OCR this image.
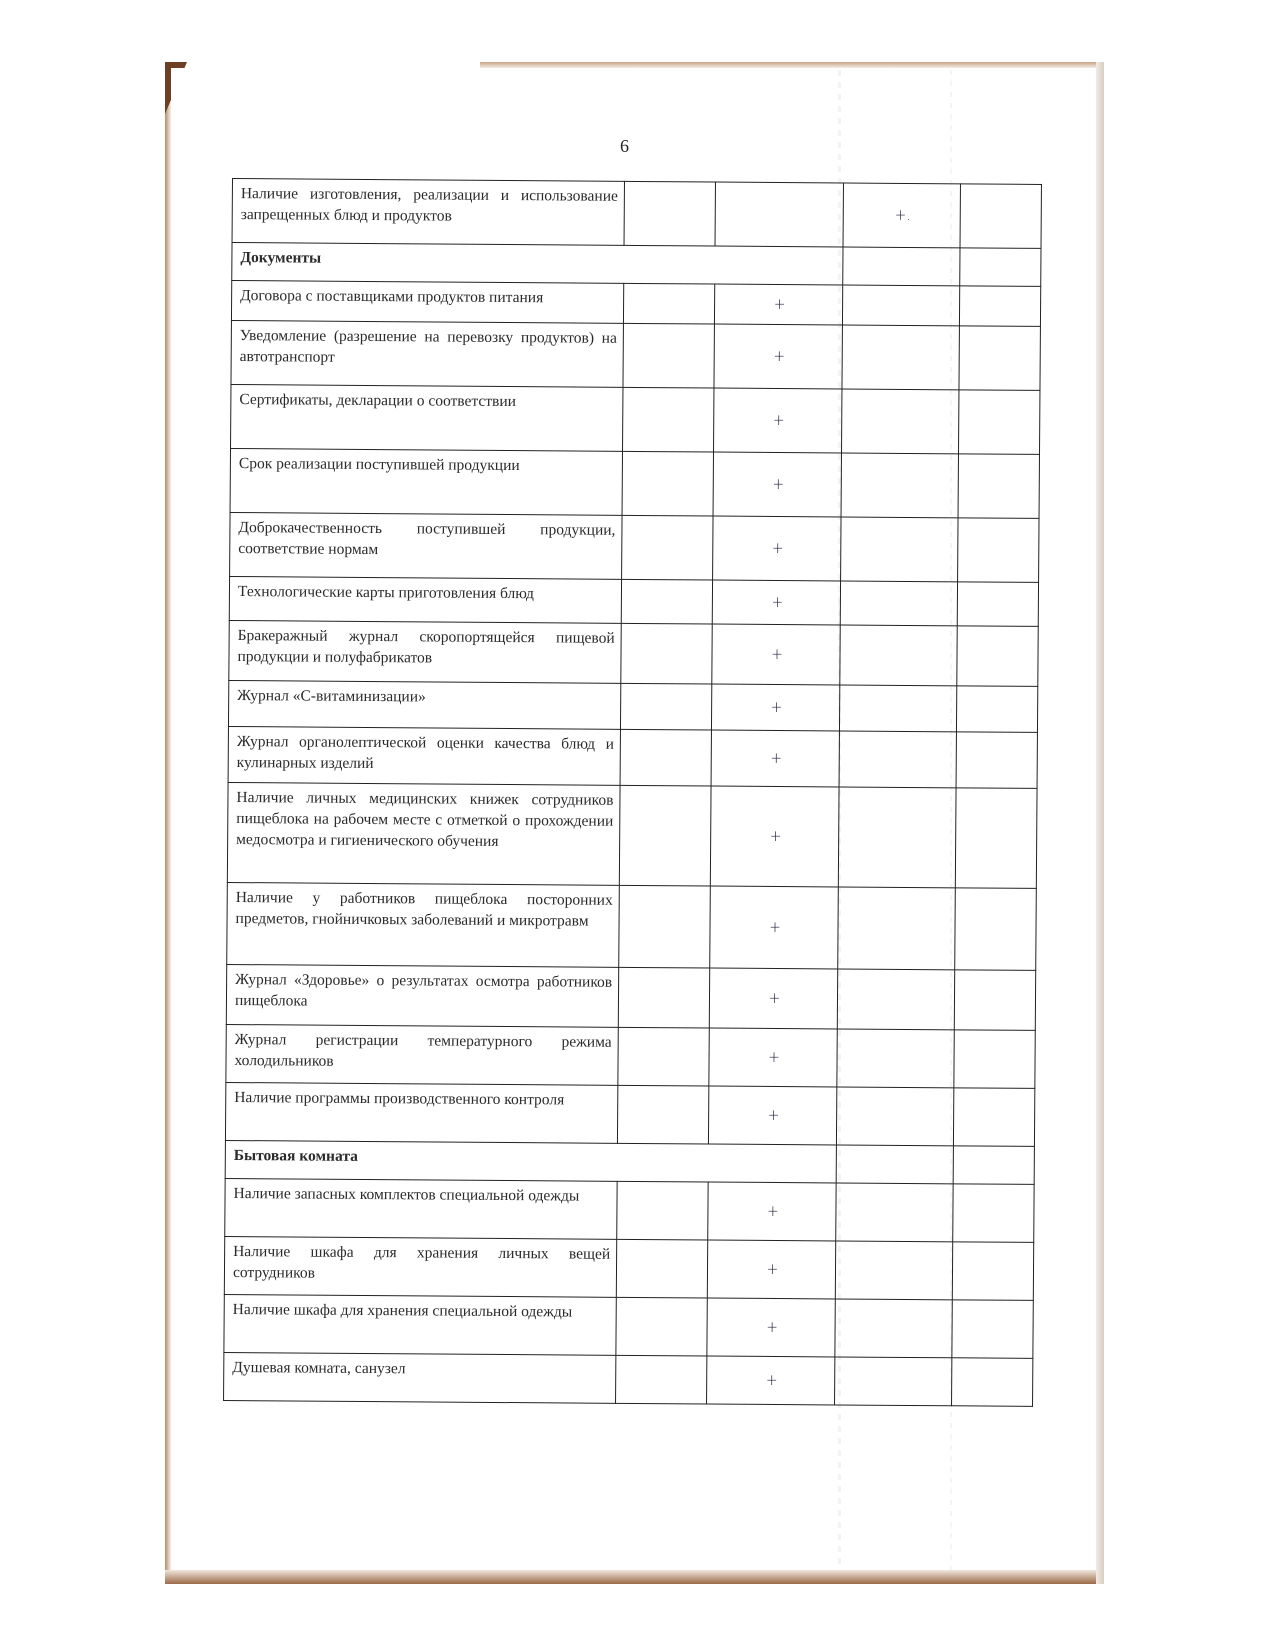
6
Наличие изготовления, реализации и использование запрещенных блюд и продуктов			+.	
Документы				

Договора с поставщиками продуктов питания		+		

Уведомление (разрешение на перевозку продуктов) на автотранспорт		+		

Сертификаты, декларации о соответствии		+		

Срок реализации поступившей продукции		+		

Доброкачественность поступившей продукции, соответствие нормам		+		

Технологические карты приготовления блюд		+		

Бракеражный журнал скоропортящейся пищевой продукции и полуфабрикатов		+		

Журнал «С-витаминизации»		+		

Журнал органолептической оценки качества блюд и кулинарных изделий		+		

Наличие личных медицинских книжек сотрудников пищеблока на рабочем месте с отметкой о прохождении медосмотра и гигиенического обучения		+		

Наличие у работников пищеблока посторонних предметов, гнойничковых заболеваний и микротравм		+		

Журнал «Здоровье» о результатах осмотра работников пищеблока		+		

Журнал регистрации температурного режима холодильников		+		

Наличие программы производственного контроля		+		
Бытовая комната				

Наличие запасных комплектов специальной одежды		+		

Наличие шкафа для хранения личных вещей сотрудников		+		

Наличие шкафа для хранения специальной одежды		+		

Душевая комната, санузел		+		
